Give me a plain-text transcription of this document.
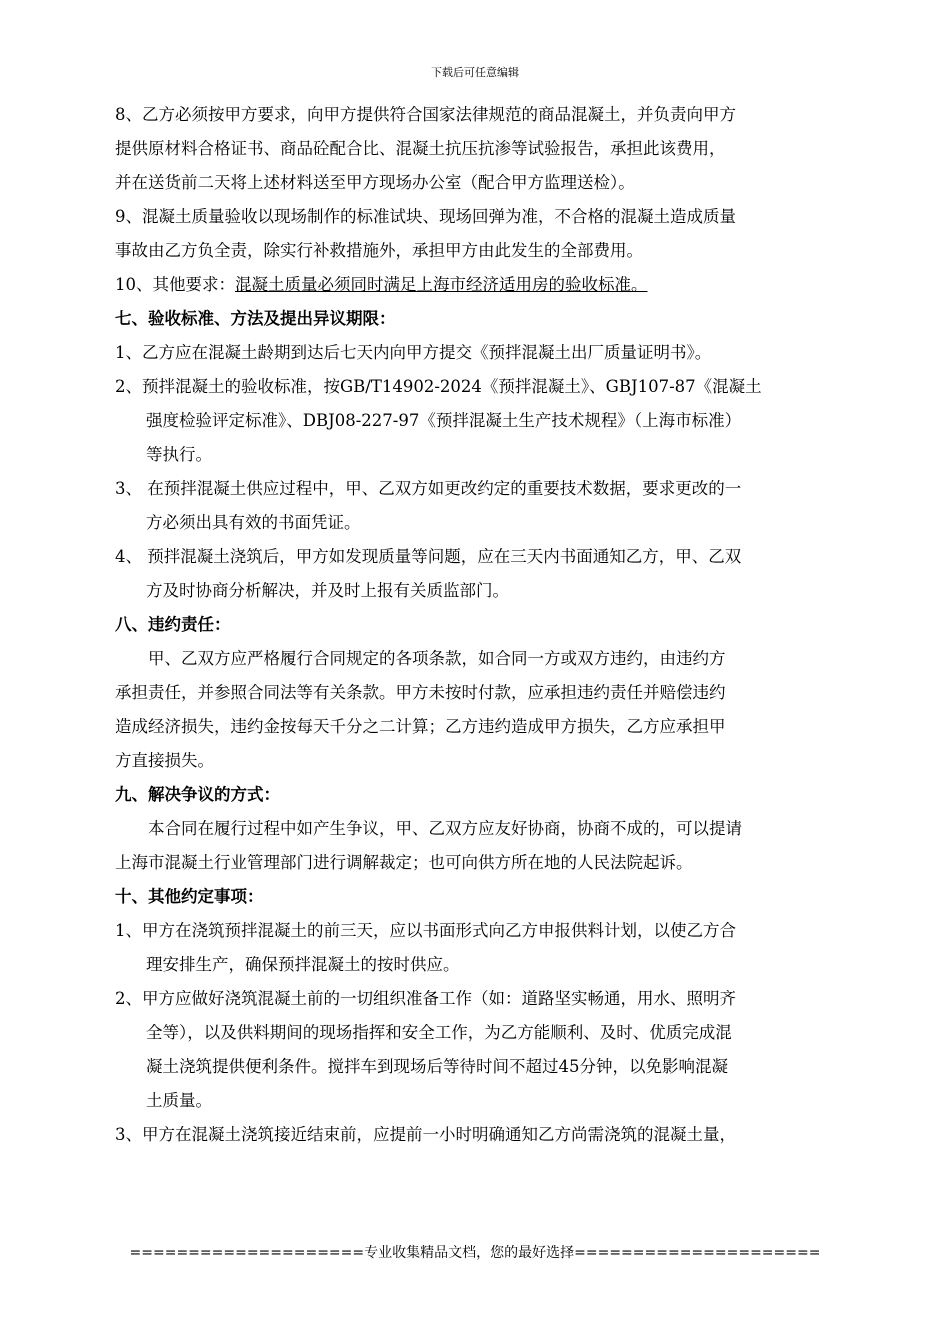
下载后可任意编辑

8、乙方必须按甲方要求，向甲方提供符合国家法律规范的商品混凝土，并负责向甲方

提供原材料合格证书、商品砼配合比、混凝土抗压抗渗等试验报告，承担此该费用，

并在送货前二天将上述材料送至甲方现场办公室（配合甲方监理送检）。

9、混凝土质量验收以现场制作的标准试块、现场回弹为准，不合格的混凝土造成质量

事故由乙方负全责，除实行补救措施外，承担甲方由此发生的全部费用。

10、其他要求：混凝土质量必须同时满足上海市经济适用房的验收标准。

七、验收标准、方法及提出异议期限：

1、乙方应在混凝土龄期到达后七天内向甲方提交《预拌混凝土出厂质量证明书》。

2、预拌混凝土的验收标准，按GB/T14902-2024《预拌混凝土》、GBJ107-87《混凝土

强度检验评定标准》、DBJ08-227-97《预拌混凝土生产技术规程》（上海市标准）

等执行。

3、 在预拌混凝土供应过程中，甲、乙双方如更改约定的重要技术数据，要求更改的一

方必须出具有效的书面凭证。

4、 预拌混凝土浇筑后，甲方如发现质量等问题，应在三天内书面通知乙方，甲、乙双

方及时协商分析解决，并及时上报有关质监部门。

八、违约责任：

甲、乙双方应严格履行合同规定的各项条款，如合同一方或双方违约，由违约方

承担责任，并参照合同法等有关条款。甲方未按时付款，应承担违约责任并赔偿违约

造成经济损失，违约金按每天千分之二计算；乙方违约造成甲方损失，乙方应承担甲

方直接损失。

九、解决争议的方式：

本合同在履行过程中如产生争议，甲、乙双方应友好协商，协商不成的，可以提请

上海市混凝土行业管理部门进行调解裁定；也可向供方所在地的人民法院起诉。

十、其他约定事项：

1、甲方在浇筑预拌混凝土的前三天，应以书面形式向乙方申报供料计划，以使乙方合

理安排生产，确保预拌混凝土的按时供应。

2、甲方应做好浇筑混凝土前的一切组织准备工作（如：道路坚实畅通，用水、照明齐

全等），以及供料期间的现场指挥和安全工作，为乙方能顺利、及时、优质完成混

凝土浇筑提供便利条件。搅拌车到现场后等待时间不超过45分钟，以免影响混凝

土质量。

3、甲方在混凝土浇筑接近结束前，应提前一小时明确通知乙方尚需浇筑的混凝土量，

====================专业收集精品文档，您的最好选择=====================
